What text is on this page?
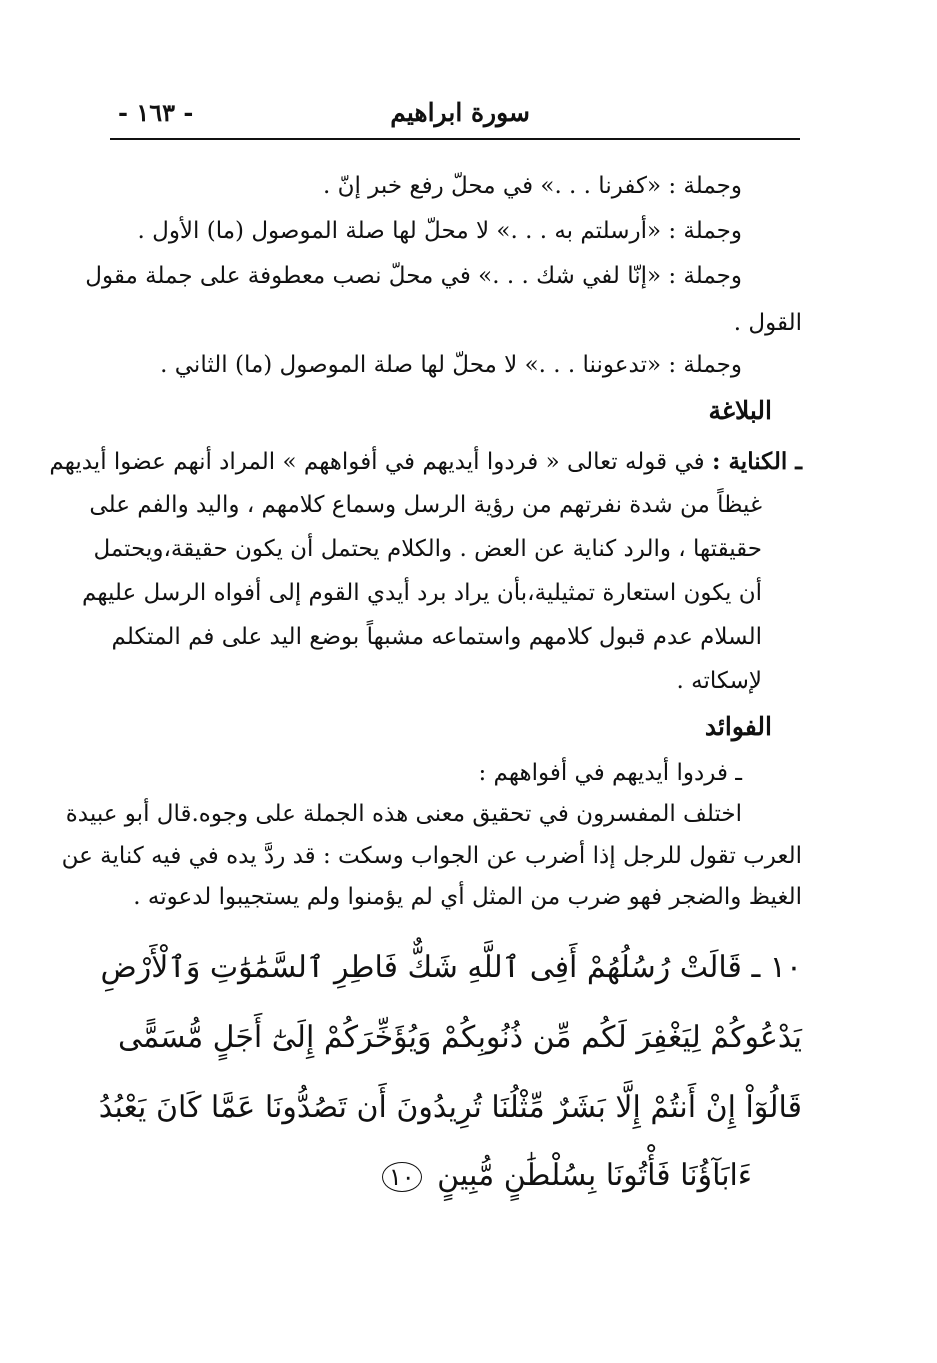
سورة ابراهيم
- ١٦٣ -
وجملة : «كفرنا . . .» في محلّ رفع خبر إنّ .
وجملة : «أرسلتم به . . .» لا محلّ لها صلة الموصول (ما) الأول .
وجملة : «إنّا لفي شك . . .» في محلّ نصب معطوفة على جملة مقول
القول .
وجملة : «تدعوننا . . .» لا محلّ لها صلة الموصول (ما) الثاني .
البلاغة
ـ الكناية : في قوله تعالى « فردوا أيديهم في أفواههم » المراد أنهم عضوا أيديهم
غيظاً من شدة نفرتهم من رؤية الرسل وسماع كلامهم ، واليد والفم على
حقيقتها ، والرد كناية عن العض . والكلام يحتمل أن يكون حقيقة،ويحتمل
أن يكون استعارة تمثيلية،بأن يراد برد أيدي القوم إلى أفواه الرسل عليهم
السلام عدم قبول كلامهم واستماعه مشبهاً بوضع اليد على فم المتكلم
لإسكاته .
الفوائد
ـ فردوا أيديهم في أفواههم :
اختلف المفسرون في تحقيق معنى هذه الجملة على وجوه.قال أبو عبيدة
العرب تقول للرجل إذا أضرب عن الجواب وسكت : قد ردَّ يده في فيه كناية عن
الغيظ والضجر فهو ضرب من المثل أي لم يؤمنوا ولم يستجيبوا لدعوته .
١٠ ـ قَالَتْ رُسُلُهُمْ أَفِى ٱللَّهِ شَكٌّ فَاطِرِ ٱلسَّمَٰوَٰتِ وَٱلْأَرْضِ
يَدْعُوكُمْ لِيَغْفِرَ لَكُم مِّن ذُنُوبِكُمْ وَيُؤَخِّرَكُمْ إِلَىٰٓ أَجَلٍ مُّسَمًّى
قَالُوٓاْ إِنْ أَنتُمْ إِلَّا بَشَرٌ مِّثْلُنَا تُرِيدُونَ أَن تَصُدُّونَا عَمَّا كَانَ يَعْبُدُ
ءَابَآؤُنَا فَأْتُونَا بِسُلْطَٰنٍ مُّبِينٍ ١٠
